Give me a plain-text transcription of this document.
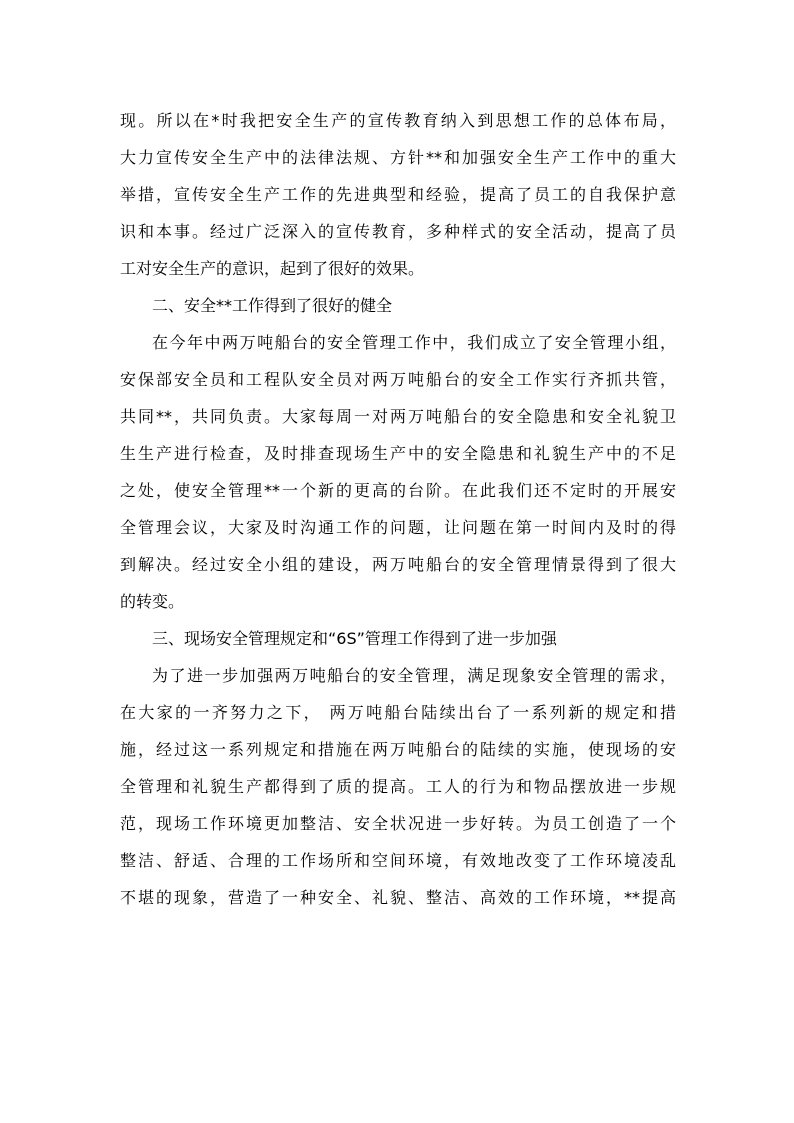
现。所以在*时我把安全生产的宣传教育纳入到思想工作的总体布局，
大力宣传安全生产中的法律法规、方针**和加强安全生产工作中的重大
举措，宣传安全生产工作的先进典型和经验，提高了员工的自我保护意
识和本事。经过广泛深入的宣传教育，多种样式的安全活动，提高了员
工对安全生产的意识，起到了很好的效果。
二、安全**工作得到了很好的健全
在今年中两万吨船台的安全管理工作中，我们成立了安全管理小组，
安保部安全员和工程队安全员对两万吨船台的安全工作实行齐抓共管，
共同**，共同负责。大家每周一对两万吨船台的安全隐患和安全礼貌卫
生生产进行检查，及时排查现场生产中的安全隐患和礼貌生产中的不足
之处，使安全管理**一个新的更高的台阶。在此我们还不定时的开展安
全管理会议，大家及时沟通工作的问题，让问题在第一时间内及时的得
到解决。经过安全小组的建设，两万吨船台的安全管理情景得到了很大
的转变。
三、现场安全管理规定和“6S”管理工作得到了进一步加强
为了进一步加强两万吨船台的安全管理，满足现象安全管理的需求，
在大家的一齐努力之下， 两万吨船台陆续出台了一系列新的规定和措
施，经过这一系列规定和措施在两万吨船台的陆续的实施，使现场的安
全管理和礼貌生产都得到了质的提高。工人的行为和物品摆放进一步规
范，现场工作环境更加整洁、安全状况进一步好转。为员工创造了一个
整洁、舒适、合理的工作场所和空间环境，有效地改变了工作环境凌乱
不堪的现象，营造了一种安全、礼貌、整洁、高效的工作环境，**提高
